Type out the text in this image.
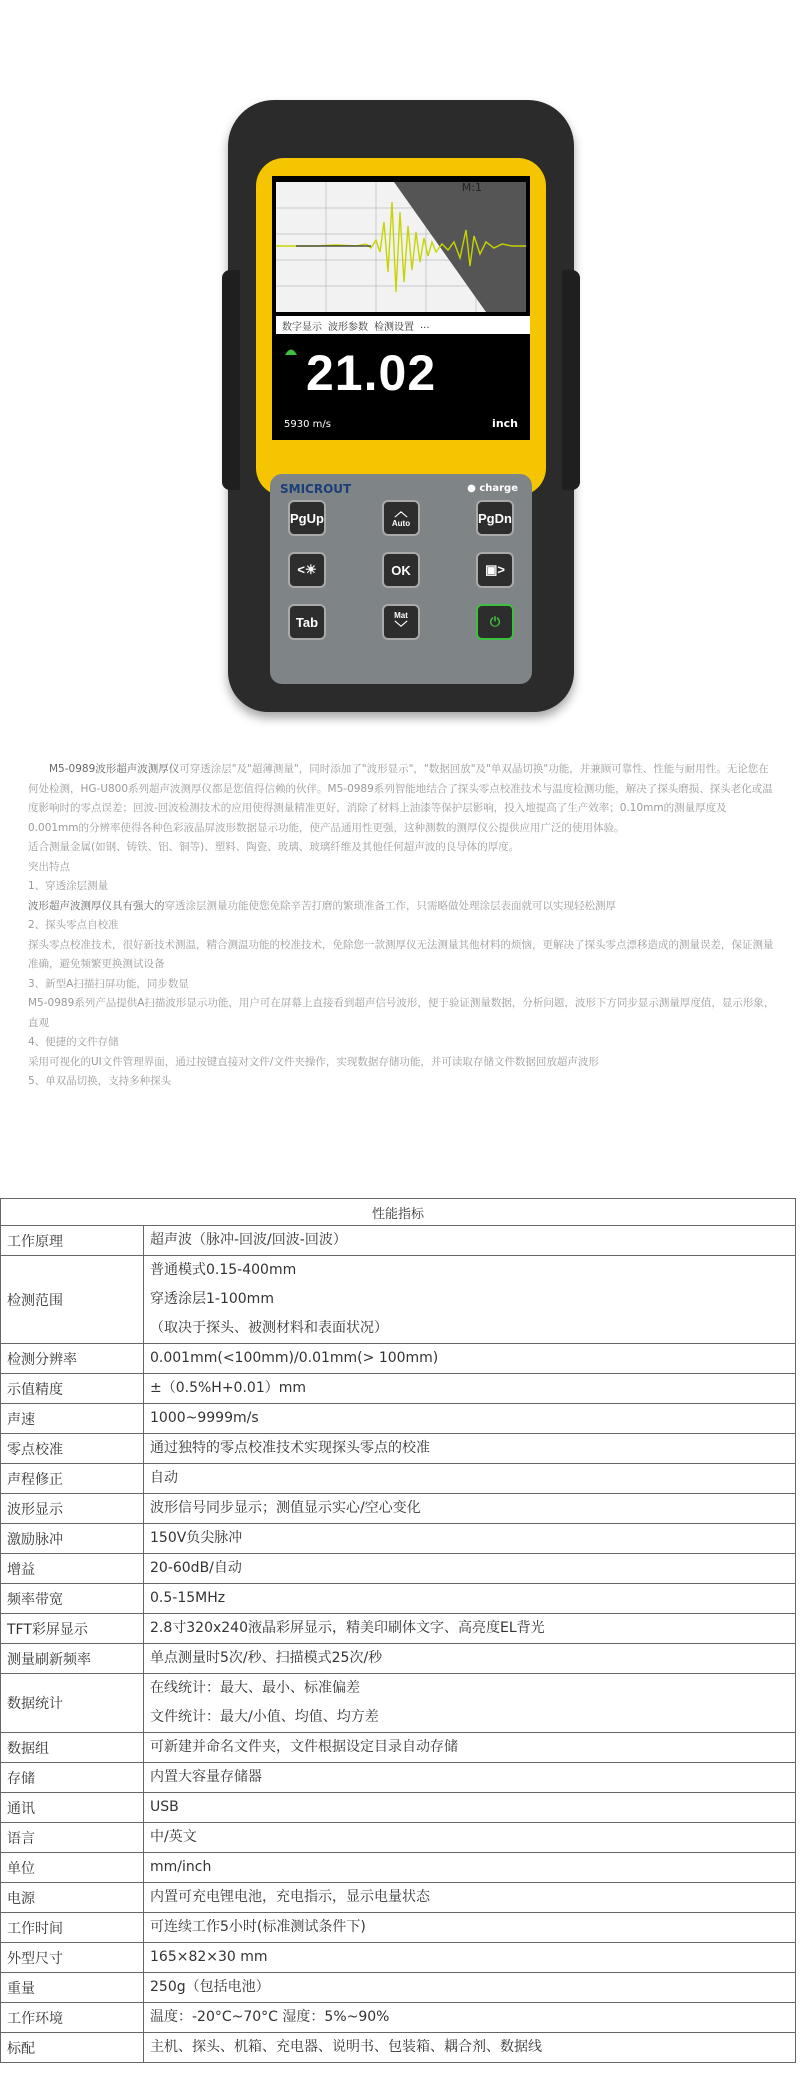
M:1
数字显示 波形参数 检测设置 ...
21.02
5930 m/s	inch
SMICROUT	● charge
PgUp	︿
Auto	PgDn
<☀	OK	▣>
Tab	Mat
﹀	⏻

M5-0989波形超声波测厚仪可穿透涂层"及"超薄测量"，同时添加了"波形显示"，"数据回放"及"单双晶切换"功能，并兼顾可靠性、性能与耐用性。无论您在何处检测，HG-U800系列超声波测厚仪都是您值得信赖的伙伴。M5-0989系列智能地结合了探头零点校准技术与温度检测功能，解决了探头磨损、探头老化或温度影响时的零点误差；回波-回波检测技术的应用使得测量精准更好，消除了材料上油漆等保护层影响，投入地提高了生产效率；0.10mm的测量厚度及0.001mm的分辨率使得各种色彩液晶屏波形数据显示功能，使产品通用性更强，这种测数的测厚仪公提供应用广泛的使用体验。

适合测量金属(如钢、铸铁、铝、铜等)、塑料、陶瓷、玻璃、玻璃纤维及其他任何超声波的良导体的厚度。

突出特点

1、穿透涂层测量

波形超声波测厚仪具有强大的穿透涂层测量功能使您免除辛苦打磨的繁琐准备工作，只需略做处理涂层表面就可以实现轻松测厚

2、探头零点自校准

探头零点校准技术，很好新技术测温，精合测温功能的校准技术，免除您一款测厚仪无法测量其他材料的烦恼，更解决了探头零点漂移造成的测量误差，保证测量准确，避免频繁更换测试设备

3、新型A扫描扫屏功能，同步数显

M5-0989系列产品提供A扫描波形显示功能，用户可在屏幕上直接看到超声信号波形，便于验证测量数据，分析问题，波形下方同步显示测量厚度值，显示形象，直观

4、便捷的文件存储

采用可视化的UI文件管理界面，通过按键直接对文件/文件夹操作，实现数据存储功能，并可读取存储文件数据回放超声波形

5、单双晶切换，支持多种探头

性能指标	
工作原理	超声波（脉冲-回波/回波-回波）

检测范围	普通模式0.15-400mm
穿透涂层1-100mm
（取决于探头、被测材料和表面状况）

检测分辨率	0.001mm(<100mm)/0.01mm(> 100mm)

示值精度	±（0.5%H+0.01）mm

声速	1000~9999m/s

零点校准	通过独特的零点校准技术实现探头零点的校准

声程修正	自动

波形显示	波形信号同步显示；测值显示实心/空心变化

激励脉冲	150V负尖脉冲

增益	20-60dB/自动

频率带宽	0.5-15MHz

TFT彩屏显示	2.8寸320x240液晶彩屏显示，精美印刷体文字、高亮度EL背光

测量刷新频率	单点测量时5次/秒、扫描模式25次/秒

数据统计	在线统计：最大、最小、标准偏差
文件统计：最大/小值、均值、均方差

数据组	可新建并命名文件夹，文件根据设定目录自动存储

存储	内置大容量存储器

通讯	USB

语言	中/英文

单位	mm/inch

电源	内置可充电锂电池，充电指示，显示电量状态

工作时间	可连续工作5小时(标准测试条件下)

外型尺寸	165×82×30 mm

重量	250g（包括电池）

工作环境	温度：-20°C~70°C 湿度：5%~90%

标配	主机、探头、机箱、充电器、说明书、包装箱、耦合剂、数据线
